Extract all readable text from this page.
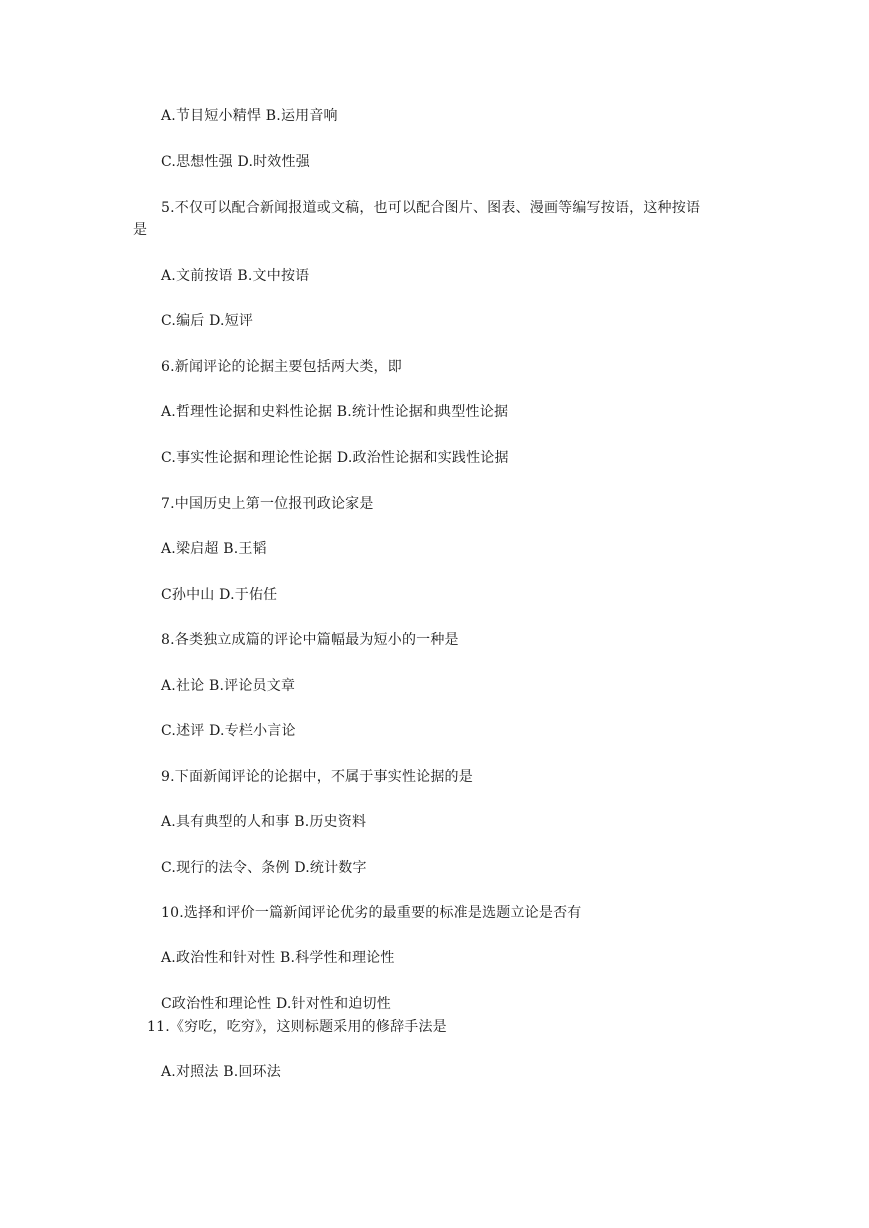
A.节目短小精悍 B.运用音响
C.思想性强 D.时效性强
5.不仅可以配合新闻报道或文稿，也可以配合图片、图表、漫画等编写按语，这种按语
是
A.文前按语 B.文中按语
C.编后 D.短评
6.新闻评论的论据主要包括两大类，即
A.哲理性论据和史料性论据 B.统计性论据和典型性论据
C.事实性论据和理论性论据 D.政治性论据和实践性论据
7.中国历史上第一位报刊政论家是
A.梁启超 B.王韬
C孙中山 D.于佑任
8.各类独立成篇的评论中篇幅最为短小的一种是
A.社论 B.评论员文章
C.述评 D.专栏小言论
9.下面新闻评论的论据中，不属于事实性论据的是
A.具有典型的人和事 B.历史资料
C.现行的法令、条例 D.统计数字
10.选择和评价一篇新闻评论优劣的最重要的标准是选题立论是否有
A.政治性和针对性 B.科学性和理论性
C政治性和理论性 D.针对性和迫切性
11.《穷吃，吃穷》，这则标题采用的修辞手法是
A.对照法 B.回环法
